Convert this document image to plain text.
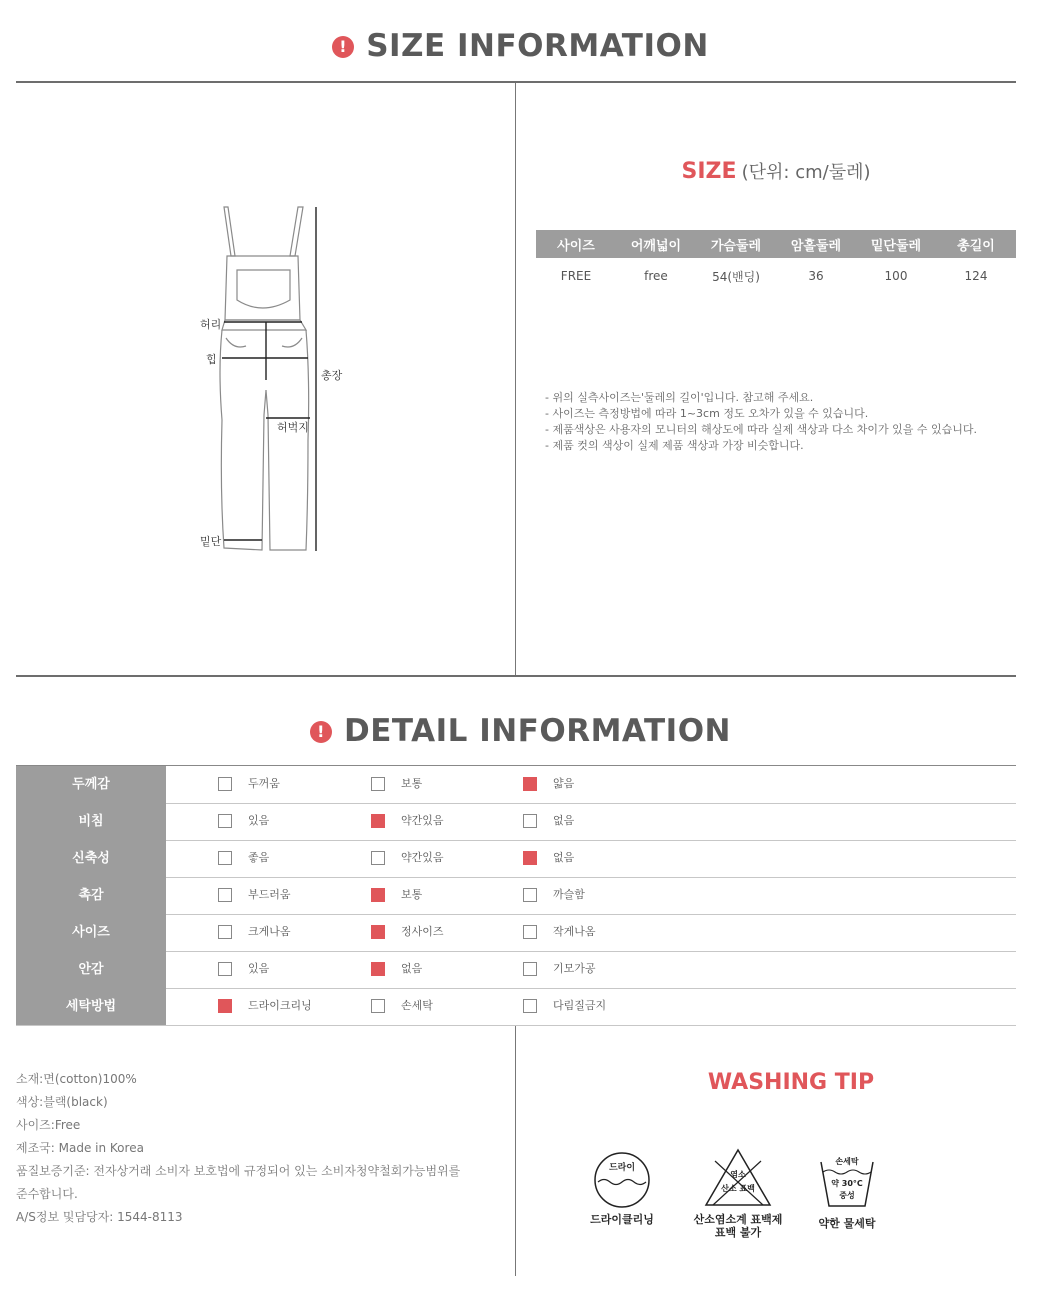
! SIZE INFORMATION
허리
힙
총장
허벅지
밑단
SIZE (단위: cm/둘레)
사이즈	어깨넓이	가슴둘레	암홀둘레	밑단둘레	총길이
FREE	free	54(밴딩)	36	100	124
- 위의 실측사이즈는'둘레의 길이'입니다. 참고해 주세요.
- 사이즈는 측정방법에 따라 1~3cm 정도 오차가 있을 수 있습니다.
- 제품색상은 사용자의 모니터의 해상도에 따라 실제 색상과 다소 차이가 있을 수 있습니다.
- 제품 컷의 색상이 실제 제품 색상과 가장 비슷합니다.
! DETAIL INFORMATION
두께감	두꺼움	보통	얇음
비침	있음	약간있음	없음
신축성	좋음	약간있음	없음
촉감	부드러움	보통	까슬함
사이즈	크게나옴	정사이즈	작게나옴
안감	있음	없음	기모가공
세탁방법	드라이크리닝	손세탁	다림질금지
소재:면(cotton)100%
색상:블랙(black)
사이즈:Free
제조국: Made in Korea
품질보증기준: 전자상거래 소비자 보호법에 규정되어 있는 소비자청약철회가능범위를
준수합니다.
A/S정보 및담당자: 1544-8113
WASHING TIP
드라이
드라이클리닝
염소
산소 표백
산소염소계 표백제
표백 불가
손세탁
약 30°C
중성
약한 물세탁
